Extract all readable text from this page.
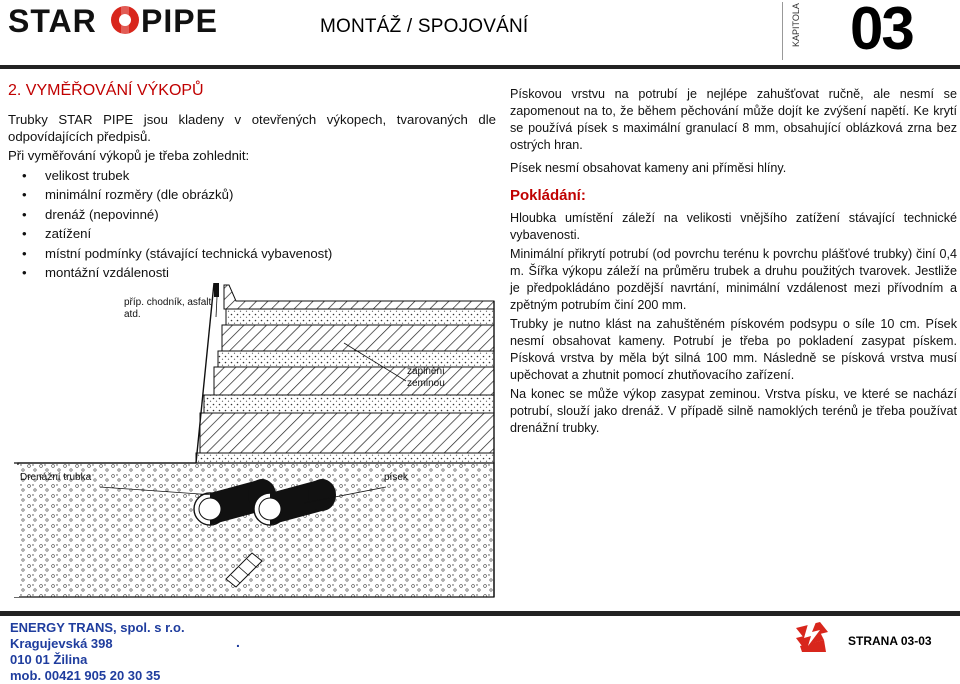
STAR PIPE	MONTÁŽ / SPOJOVÁNÍ	KAPITOLA 03
2. VYMĚŘOVÁNÍ VÝKOPŮ
Trubky STAR PIPE jsou kladeny v otevřených výkopech, tvarovaných dle odpovídajících předpisů.
Při vyměřování výkopů je třeba zohlednit:
• velikost trubek
• minimální rozměry (dle obrázků)
• drenáž (nepovinné)
• zatížení
• místní podmínky (stávající technická vybavenost)
• montážní vzdálenosti
příp. chodník, asfalt atd.
zaplnění zeminou
Drenážní trubka	písek

Pískovou vrstvu na potrubí je nejlépe zahušťovat ručně, ale nesmí se zapomenout na to, že během pěchování může dojít ke zvýšení napětí. Ke krytí se používá písek s maximální granulací 8 mm, obsahující oblázková zrna bez ostrých hran.

Písek nesmí obsahovat kameny ani příměsi hlíny.

Pokládání:

Hloubka umístění záleží na velikosti vnějšího zatížení stávající technické vybavenosti.

Minimální přikrytí potrubí (od povrchu terénu k povrchu plášťové trubky) činí 0,4 m. Šířka výkopu záleží na průměru trubek a druhu použitých tvarovek. Jestliže je předpokládáno pozdější navrtání, minimální vzdálenost mezi přívodním a zpětným potrubím činí 200 mm.

Trubky je nutno klást na zahuštěném pískovém podsypu o síle 10 cm. Písek nesmí obsahovat kameny. Potrubí je třeba po pokladení zasypat pískem. Písková vrstva by měla být silná 100 mm. Následně se písková vrstva musí upěchovat a zhutnit pomocí zhutňovacího zařízení.

Na konec se může výkop zasypat zeminou. Vrstva písku, ve které se nachází potrubí, slouží jako drenáž. V případě silně namoklých terénů je třeba používat drenážní trubky.

ENERGY TRANS, spol. s r.o.
Kragujevská 398
010 01 Žilina
mob. 00421 905 20 30 35
.	STRANA 03-03
